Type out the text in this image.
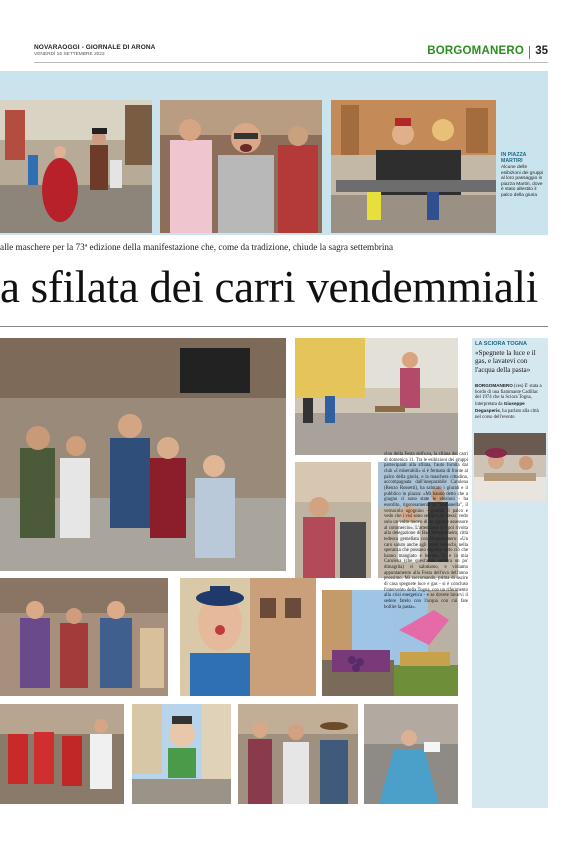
NOVARAOGGI - GIORNALE DI ARONA
VENERDÌ 16 SETTEMBRE 2022	BORGOMANERO 35
IN PIAZZA MARTIRI
Alcune delle esibizioni dei gruppi al loro passaggio in piazza Martiri, dove è stato allestito il palco della giuria
alle maschere per la 73ª edizione della manifestazione che, come da tradizione, chiude la sagra settembrina
a sfilata dei carri vendemmiali
LA SCIORA TOGNA
«Spegnete la luce e il gas, e lavatevi con l'acqua della pasta»
BORGOMANERO (ces) E' stata a bordo di una fiammante Cadillac del 1974 che la Sciora Togna, interpretata da Giuseppe Degasperis, ha parlato alla città nel corso dell'evento
clou della Festa dell'uva, la sfilata dei carri di domenica 11. Tra le esibizioni dei gruppi partecipanti alla sfilata, l'auto fornita dal club «I miserabili» si è fermata di fronte al palco della giuria, e la maschera cittadina, accompagnata dall'inseparabile Carulena (Renzo Rossetti), ha salutato i giurati e il pubblico in piazza: «Mi hanno detto che a giugno ci sono state le elezioni - ha esordito, rigorosamente in "burbanella", il vernacolo agognino - guardo il palco e vedo che i visi sono sempre gli stessi: vedo solo un volto nuovo di un signore assessore al commercio». L'attenzione si è poi rivolta alla delegazione di Bad Mergentheim, città tedesca gemellata con Borgomanero: «Un caro saluto anche agli ospiti tedeschi, nella speranza che possano digerire tutto ciò che hanno mangiato e bevuto. Io e la mia Carulena (che quest'anno sembra un po' dimagrita) vi salutiamo, e vidiamo appuntamento alla Festa dell'uva dell'anno prossimo. Mi raccomando, prima di uscire di casa spegnete luce e gas - si è concluso l'intervento della Togna, con un riferimento alla crisi energetica - e se dovete lavarvi il sedere fatelo con l'acqua con cui fate bollire la pasta».
